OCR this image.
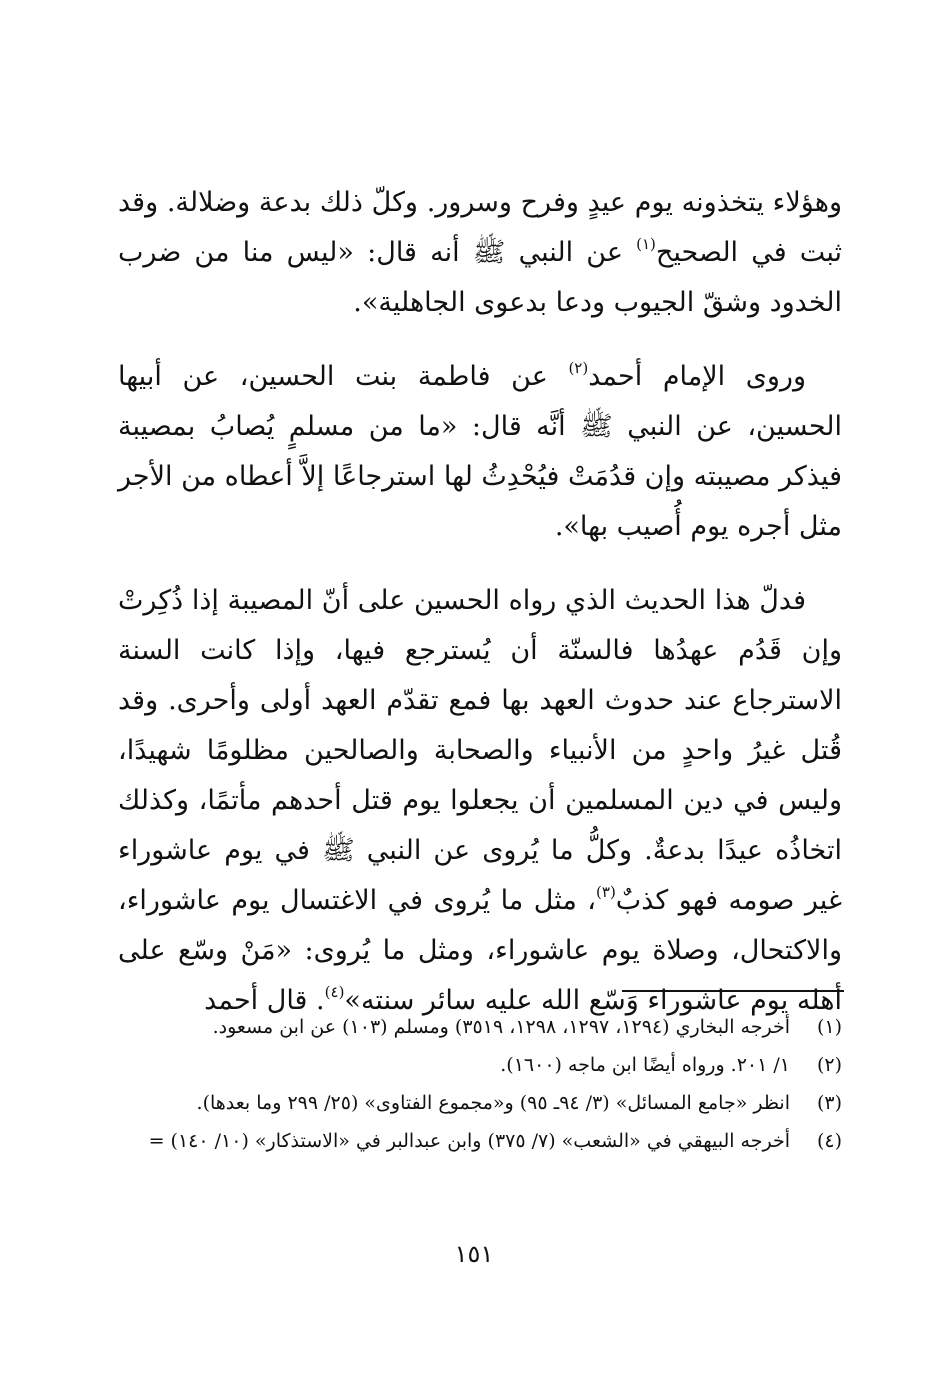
وهؤلاء يتخذونه يوم عيدٍ وفرح وسرور. وكلّ ذلك بدعة وضلالة. وقد ثبت في الصحيح$^{(١)}$ عن النبي ﷺ أنه قال: «ليس منا من ضرب الخدود وشقّ الجيوب ودعا بدعوى الجاهلية».

وروى الإمام أحمد$^{(٢)}$ عن فاطمة بنت الحسين، عن أبيها الحسين، عن النبي ﷺ أنَّه قال: «ما من مسلمٍ يُصابُ بمصيبة فيذكر مصيبته وإن قدُمَتْ فيُحْدِثُ لها استرجاعًا إلاَّ أعطاه من الأجر مثل أجره يوم أُصيب بها».

فدلّ هذا الحديث الذي رواه الحسين على أنّ المصيبة إذا ذُكِرتْ وإن قَدُم عهدُها فالسنّة أن يُسترجع فيها، وإذا كانت السنة الاسترجاع عند حدوث العهد بها فمع تقدّم العهد أولى وأحرى. وقد قُتل غيرُ واحدٍ من الأنبياء والصحابة والصالحين مظلومًا شهيدًا، وليس في دين المسلمين أن يجعلوا يوم قتل أحدهم مأتمًا، وكذلك اتخاذُه عيدًا بدعةٌ. وكلُّ ما يُروى عن النبي ﷺ في يوم عاشوراء غير صومه فهو كذبٌ$^{(٣)}$، مثل ما يُروى في الاغتسال يوم عاشوراء، والاكتحال، وصلاة يوم عاشوراء، ومثل ما يُروى: «مَنْ وسّع على أهله يوم عاشوراء وَسّع الله عليه سائر سنته»$^{(٤)}$. قال أحمد

(١)
أخرجه البخاري (١٢٩٤، ١٢٩٧، ١٢٩٨، ٣٥١٩) ومسلم (١٠٣) عن ابن مسعود.
(٢)
١/ ٢٠١. ورواه أيضًا ابن ماجه (١٦٠٠).
(٣)
انظر «جامع المسائل» (٣/ ٩٤ـ ٩٥) و«مجموع الفتاوى» (٢٥/ ٢٩٩ وما بعدها).
(٤)
أخرجه البيهقي في «الشعب» (٧/ ٣٧٥) وابن عبدالبر في «الاستذكار» (١٠/ ١٤٠) =
١٥١
